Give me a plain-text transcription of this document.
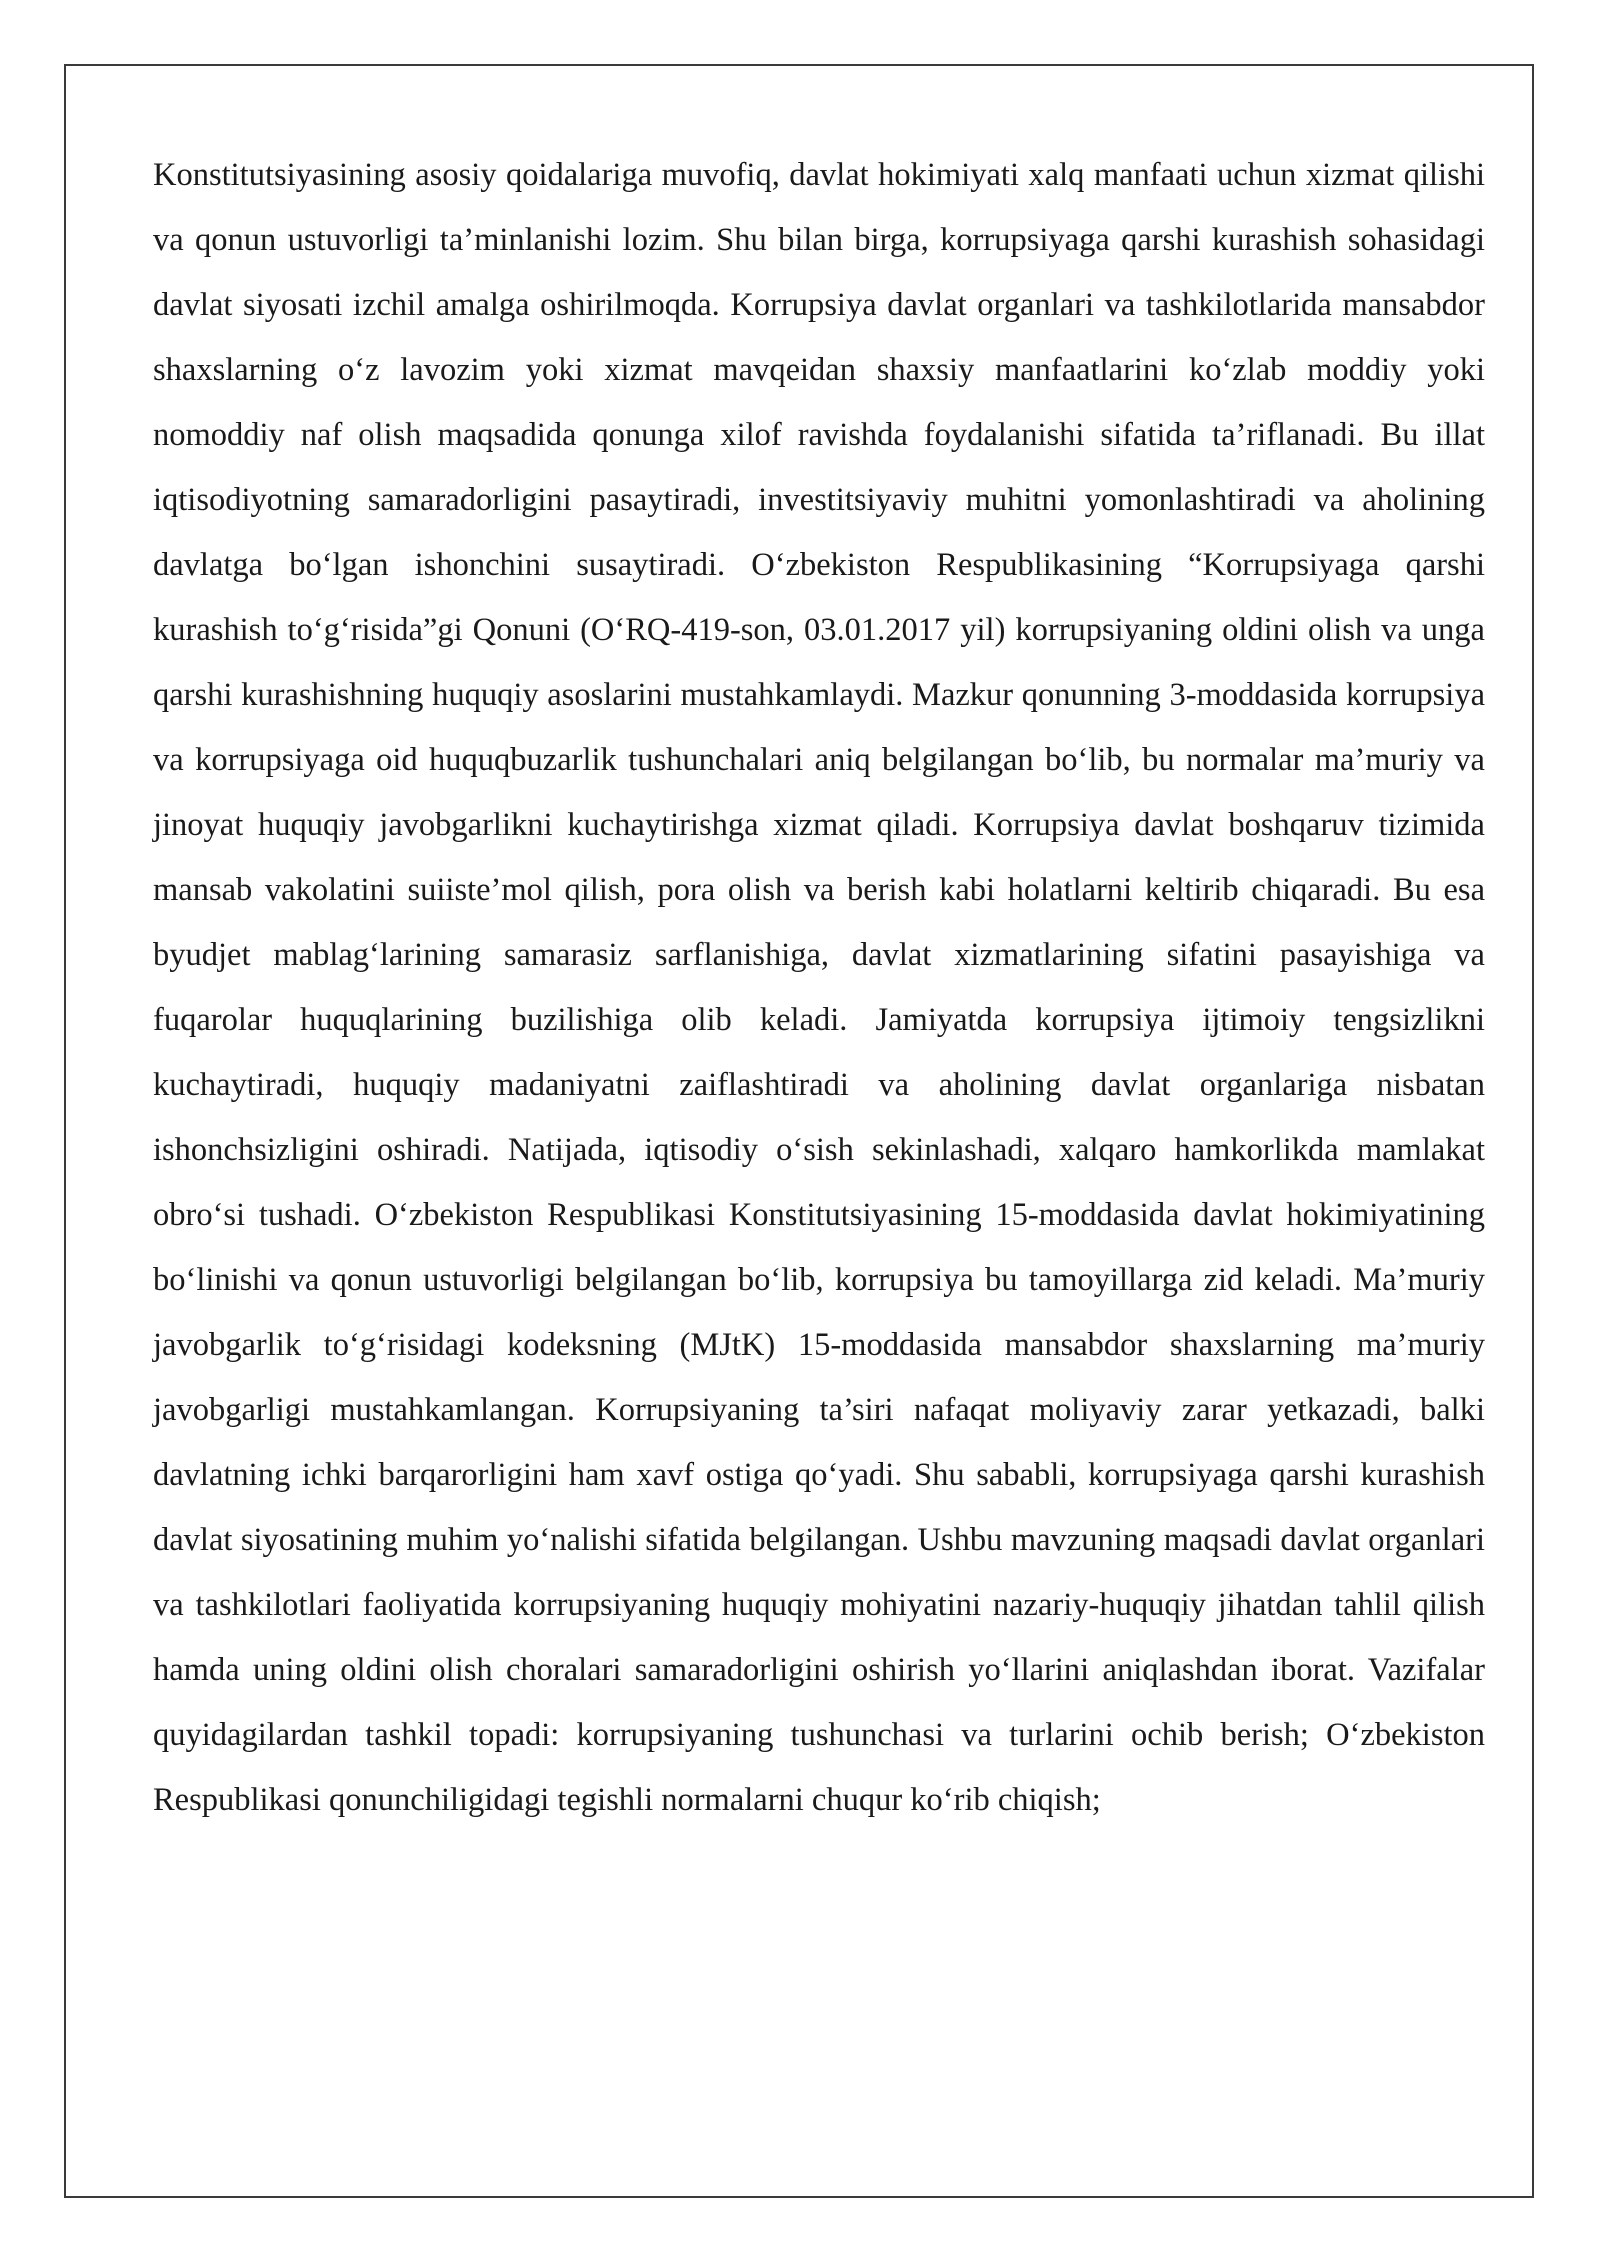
Konstitutsiyasining asosiy qoidalariga muvofiq, davlat hokimiyati xalq manfaati uchun xizmat qilishi va qonun ustuvorligi ta’minlanishi lozim. Shu bilan birga, korrupsiyaga qarshi kurashish sohasidagi davlat siyosati izchil amalga oshirilmoqda. Korrupsiya davlat organlari va tashkilotlarida mansabdor shaxslarning oʻz lavozim yoki xizmat mavqeidan shaxsiy manfaatlarini koʻzlab moddiy yoki nomoddiy naf olish maqsadida qonunga xilof ravishda foydalanishi sifatida ta’riflanadi. Bu illat iqtisodiyotning samaradorligini pasaytiradi, investitsiyaviy muhitni yomonlashtiradi va aholining davlatga boʻlgan ishonchini susaytiradi. Oʻzbekiston Respublikasining “Korrupsiyaga qarshi kurashish toʻgʻrisida”gi Qonuni (OʻRQ-419-son, 03.01.2017 yil) korrupsiyaning oldini olish va unga qarshi kurashishning huquqiy asoslarini mustahkamlaydi. Mazkur qonunning 3-moddasida korrupsiya va korrupsiyaga oid huquqbuzarlik tushunchalari aniq belgilangan boʻlib, bu normalar ma’muriy va jinoyat huquqiy javobgarlikni kuchaytirishga xizmat qiladi. Korrupsiya davlat boshqaruv tizimida mansab vakolatini suiiste’mol qilish, pora olish va berish kabi holatlarni keltirib chiqaradi. Bu esa byudjet mablagʻlarining samarasiz sarflanishiga, davlat xizmatlarining sifatini pasayishiga va fuqarolar huquqlarining buzilishiga olib keladi. Jamiyatda korrupsiya ijtimoiy tengsizlikni kuchaytiradi, huquqiy madaniyatni zaiflashtiradi va aholining davlat organlariga nisbatan ishonchsizligini oshiradi. Natijada, iqtisodiy oʻsish sekinlashadi, xalqaro hamkorlikda mamlakat obroʻsi tushadi. Oʻzbekiston Respublikasi Konstitutsiyasining 15-moddasida davlat hokimiyatining boʻlinishi va qonun ustuvorligi belgilangan boʻlib, korrupsiya bu tamoyillarga zid keladi. Ma’muriy javobgarlik toʻgʻrisidagi kodeksning (MJtK) 15-moddasida mansabdor shaxslarning ma’muriy javobgarligi mustahkamlangan. Korrupsiyaning ta’siri nafaqat moliyaviy zarar yetkazadi, balki davlatning ichki barqarorligini ham xavf ostiga qoʻyadi. Shu sababli, korrupsiyaga qarshi kurashish davlat siyosatining muhim yoʻnalishi sifatida belgilangan. Ushbu mavzuning maqsadi davlat organlari va tashkilotlari faoliyatida korrupsiyaning huquqiy mohiyatini nazariy-huquqiy jihatdan tahlil qilish hamda uning oldini olish choralari samaradorligini oshirish yoʻllarini aniqlashdan iborat. Vazifalar quyidagilardan tashkil topadi: korrupsiyaning tushunchasi va turlarini ochib berish; Oʻzbekiston Respublikasi qonunchiligidagi tegishli normalarni chuqur koʻrib chiqish;
